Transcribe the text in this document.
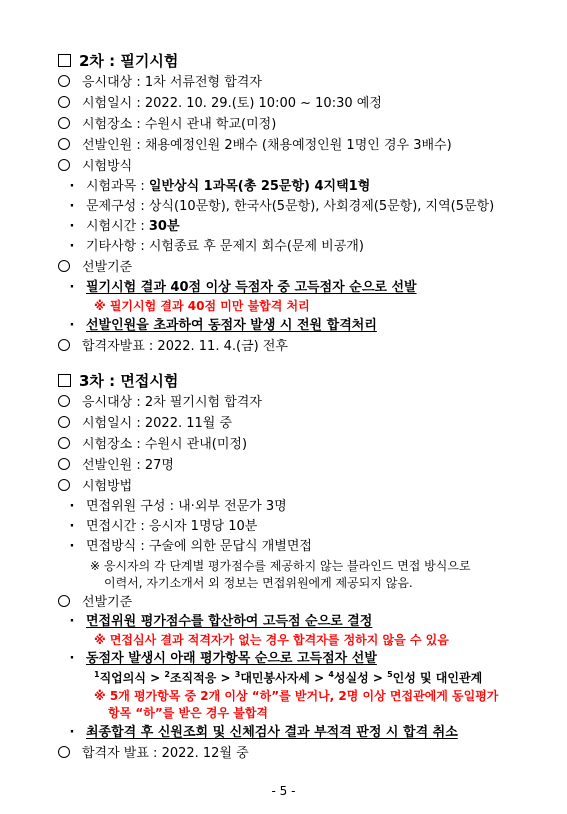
2차 : 필기시험
응시대상 : 1차 서류전형 합격자
시험일시 : 2022. 10. 29.(토) 10:00 ~ 10:30 예정
시험장소 : 수원시 관내 학교(미정)
선발인원 : 채용예정인원 2배수 (채용예정인원 1명인 경우 3배수)
시험방식
· 시험과목 : 일반상식 1과목(총 25문항) 4지택1형
· 문제구성 : 상식(10문항), 한국사(5문항), 사회경제(5문항), 지역(5문항)
· 시험시간 : 30분
· 기타사항 : 시험종료 후 문제지 회수(문제 비공개)
선발기준
· 필기시험 결과 40점 이상 득점자 중 고득점자 순으로 선발
※ 필기시험 결과 40점 미만 불합격 처리
· 선발인원을 초과하여 동점자 발생 시 전원 합격처리
합격자발표 : 2022. 11. 4.(금) 전후
3차 : 면접시험
응시대상 : 2차 필기시험 합격자
시험일시 : 2022. 11월 중
시험장소 : 수원시 관내(미정)
선발인원 : 27명
시험방법
· 면접위원 구성 : 내·외부 전문가 3명
· 면접시간 : 응시자 1명당 10분
· 면접방식 : 구술에 의한 문답식 개별면접
※ 응시자의 각 단계별 평가점수를 제공하지 않는 블라인드 면접 방식으로
이력서, 자기소개서 외 정보는 면접위원에게 제공되지 않음.
선발기준
· 면접위원 평가점수를 합산하여 고득점 순으로 결정
※ 면접심사 결과 적격자가 없는 경우 합격자를 정하지 않을 수 있음
· 동점자 발생시 아래 평가항목 순으로 고득점자 선발
$^1$직업의식 > $^2$조직적응 > $^3$대민봉사자세 > $^4$성실성 > $^5$인성 및 대인관계
※ 5개 평가항목 중 2개 이상 “하”를 받거나, 2명 이상 면접관에게 동일평가
항목 “하”를 받은 경우 불합격
· 최종합격 후 신원조회 및 신체검사 결과 부적격 판정 시 합격 취소
합격자 발표 : 2022. 12월 중
- 5 -
